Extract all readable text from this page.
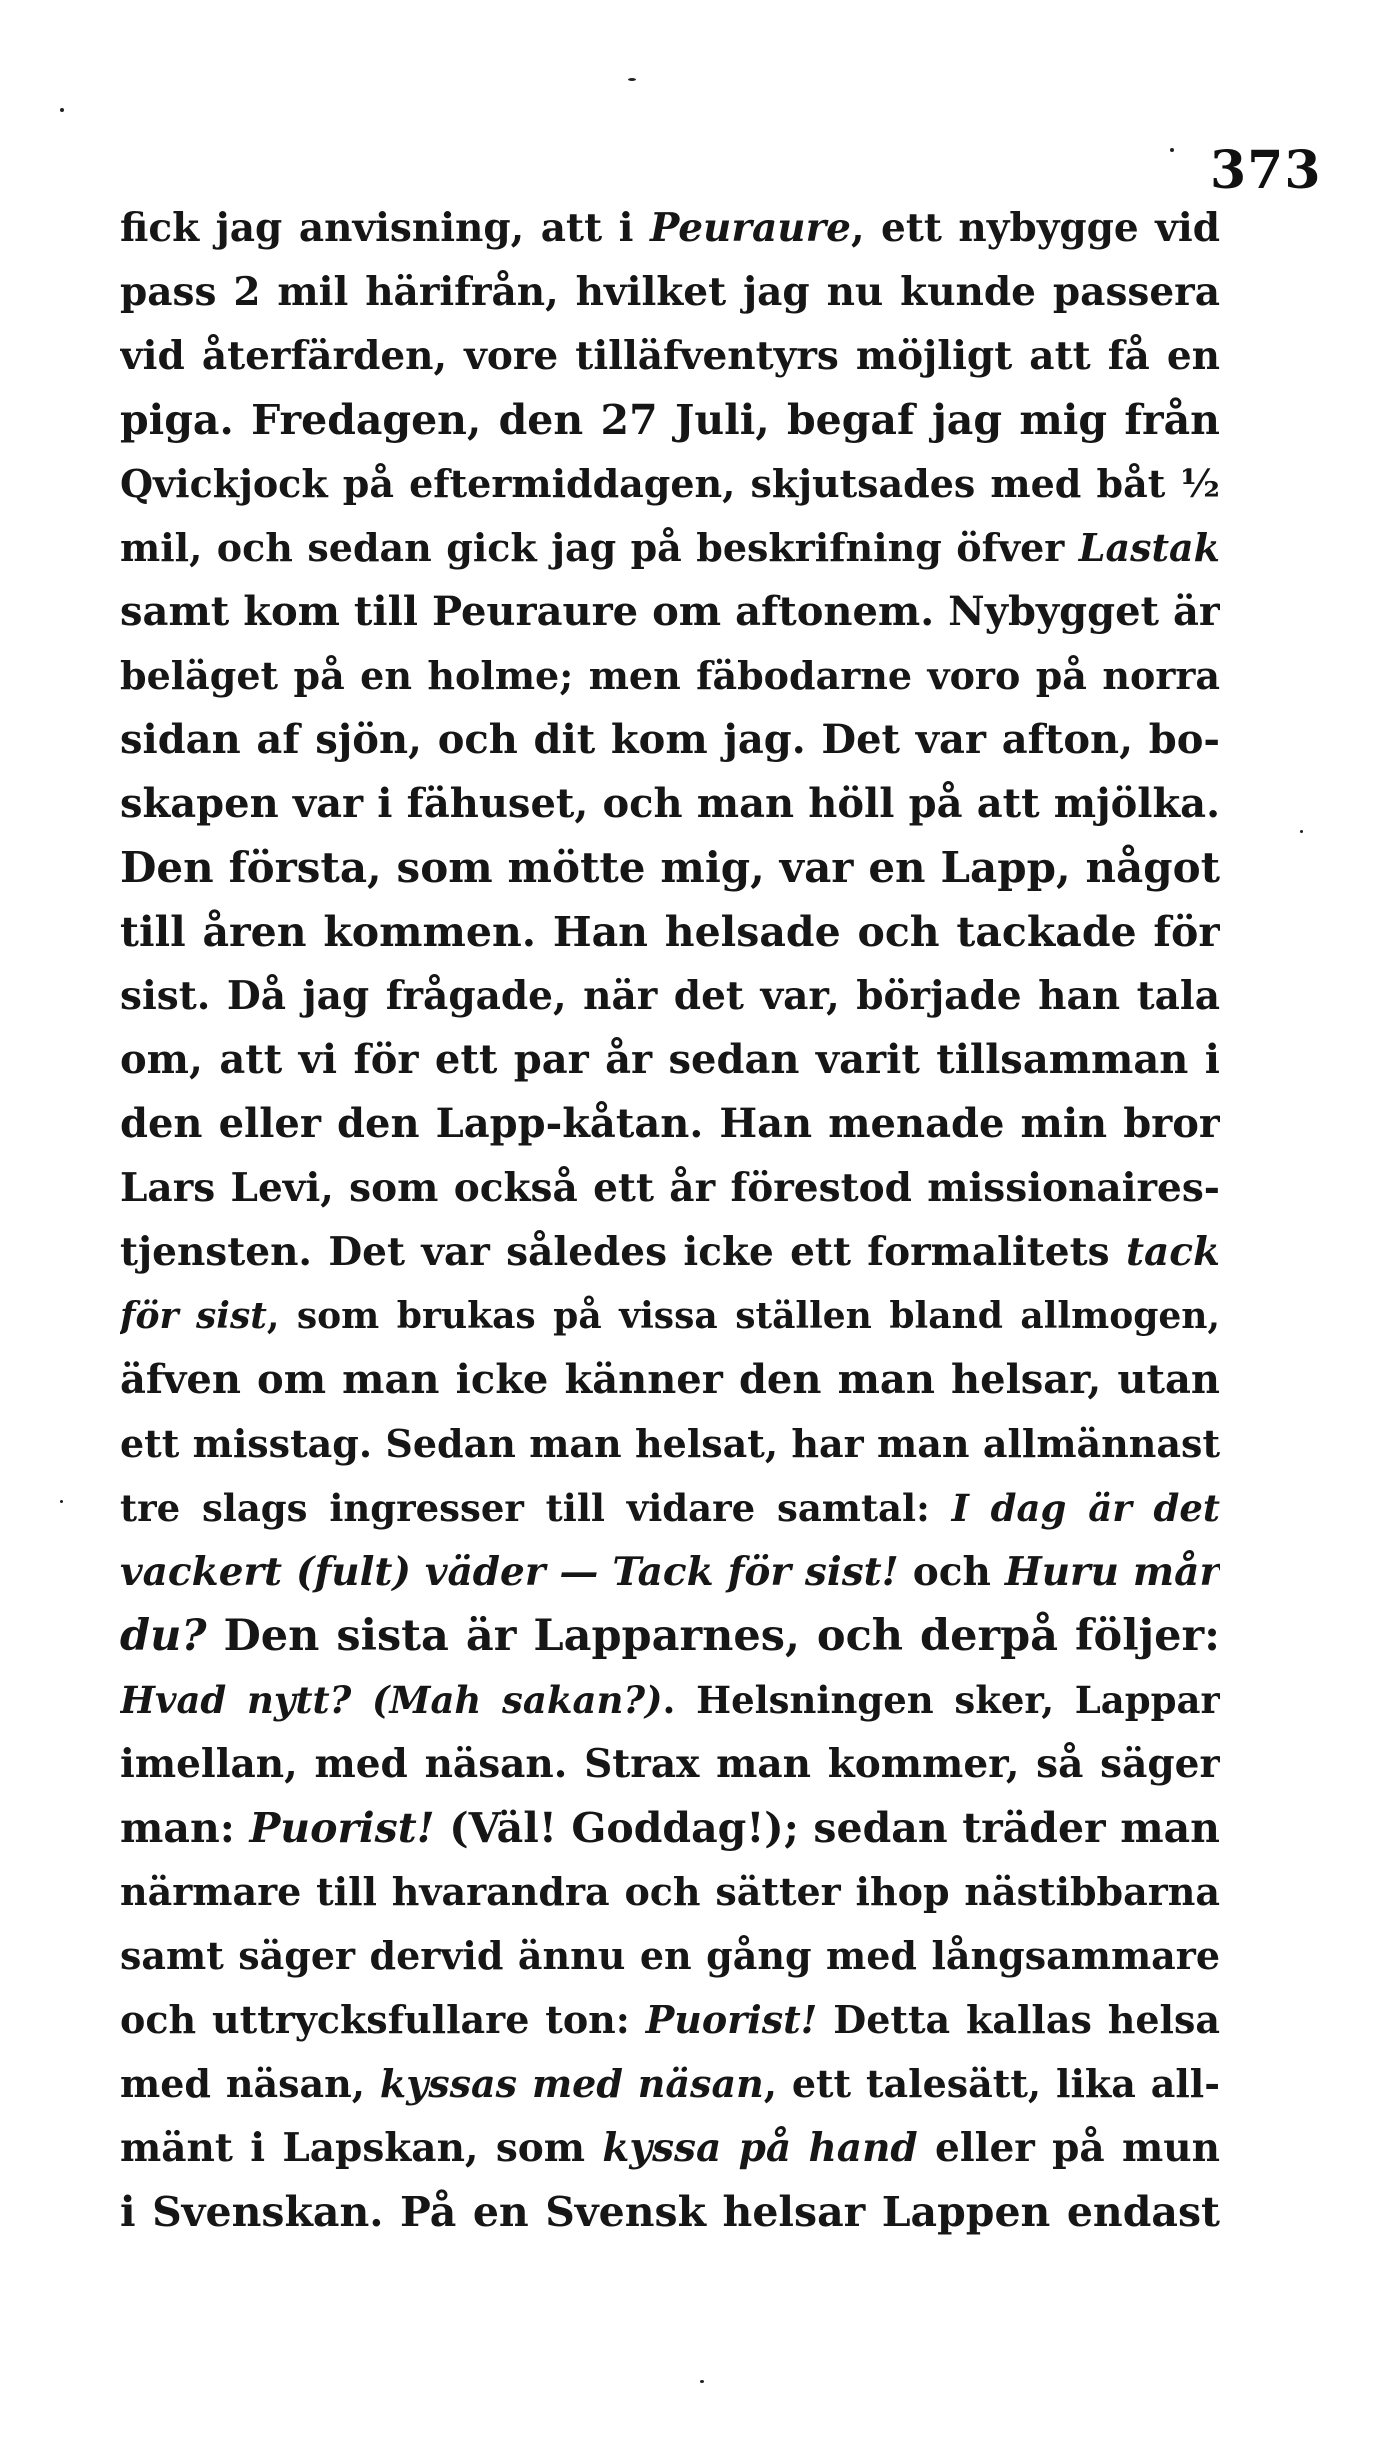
373
fick jag anvisning, att i Peuraure, ett nybygge vid
pass 2 mil härifrån, hvilket jag nu kunde passera
vid återfärden, vore tilläfventyrs möjligt att få en
piga. Fredagen, den 27 Juli, begaf jag mig från
Qvickjock på eftermiddagen, skjutsades med båt ½
mil, och sedan gick jag på beskrifning öfver Lastak
samt kom till Peuraure om aftonem. Nybygget är
beläget på en holme; men fäbodarne voro på norra
sidan af sjön, och dit kom jag. Det var afton, bo-
skapen var i fähuset, och man höll på att mjölka.
Den första, som mötte mig, var en Lapp, något
till åren kommen. Han helsade och tackade för
sist. Då jag frågade, när det var, började han tala
om, att vi för ett par år sedan varit tillsamman i
den eller den Lapp-kåtan. Han menade min bror
Lars Levi, som också ett år förestod missionaires-
tjensten. Det var således icke ett formalitets tack
för sist, som brukas på vissa ställen bland allmogen,
äfven om man icke känner den man helsar, utan
ett misstag. Sedan man helsat, har man allmännast
tre slags ingresser till vidare samtal: I dag är det
vackert (fult) väder — Tack för sist! och Huru mår
du? Den sista är Lapparnes, och derpå följer:
Hvad nytt? (Mah sakan?). Helsningen sker, Lappar
imellan, med näsan. Strax man kommer, så säger
man: Puorist! (Väl! Goddag!); sedan träder man
närmare till hvarandra och sätter ihop nästibbarna
samt säger dervid ännu en gång med långsammare
och uttrycksfullare ton: Puorist! Detta kallas helsa
med näsan, kyssas med näsan, ett talesätt, lika all-
mänt i Lapskan, som kyssa på hand eller på mun
i Svenskan. På en Svensk helsar Lappen endast
